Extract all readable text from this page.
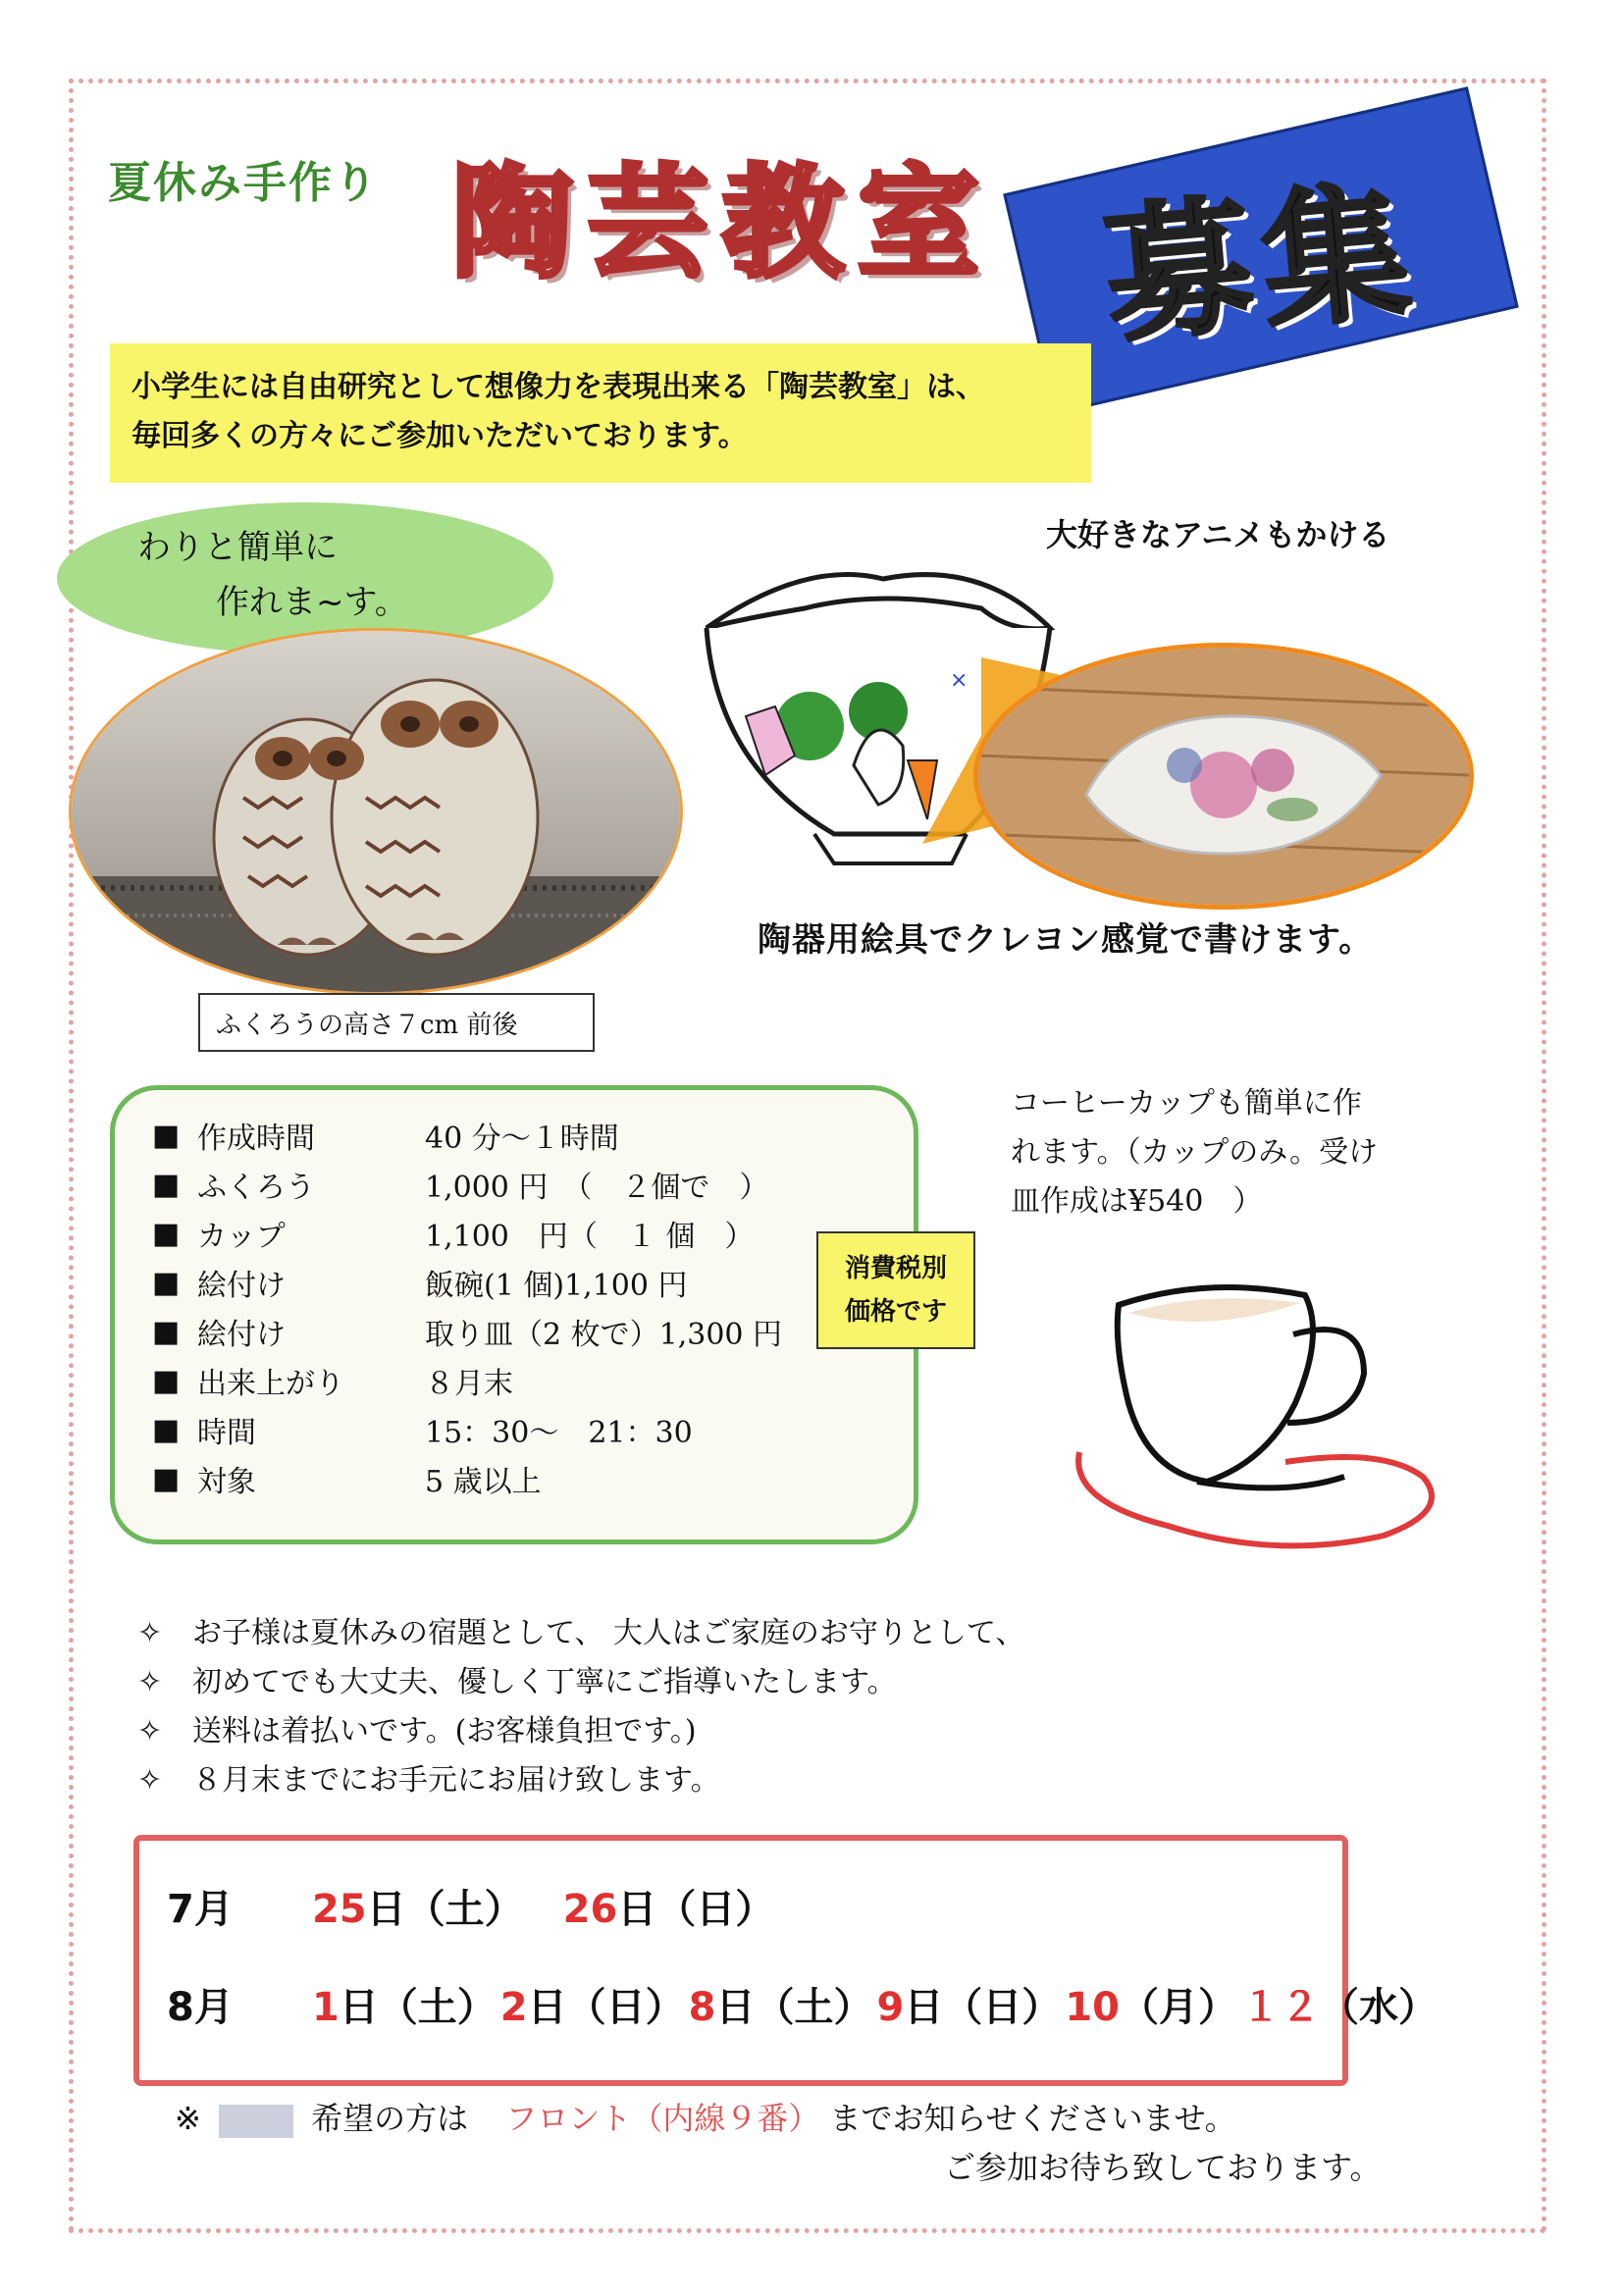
夏休み手作り 陶芸教室 募集
小学生には自由研究として想像力を表現出来る「陶芸教室」は、
毎回多くの方々にご参加いただいております。
わりと簡単に
作れま~す。
ふくろうの高さ７cm 前後
大好きなアニメもかける
×
陶器用絵具でクレヨン感覚で書けます。
■ 作成時間	40 分～１時間
■ ふくろう	1,000 円　（　２個で　）
■ カップ	1,100　円（　１ 個　）
■ 絵付け	飯碗(1 個)1,100 円
■ 絵付け	取り皿（2 枚で）1,300 円
■ 出来上がり	８月末
■ 時間	15：30～　21：30
■ 対象	5 歳以上
消費税別
価格です
コーヒーカップも簡単に作
れます。（カップのみ。受け
皿作成は¥540　）
✧ お子様は夏休みの宿題として、 大人はご家庭のお守りとして、
✧ 初めてでも大丈夫、優しく丁寧にご指導いたします。
✧ 送料は着払いです。(お客様負担です。)
✧ ８月末までにお手元にお届け致します。
7月 25日（土） 26日（日）
8月 1日（土） 2日（日） 8日（土） 9日（日） 10（月） １２（水）
※	希望の方は フロント（内線９番） までお知らせくださいませ。
ご参加お待ち致しております。
